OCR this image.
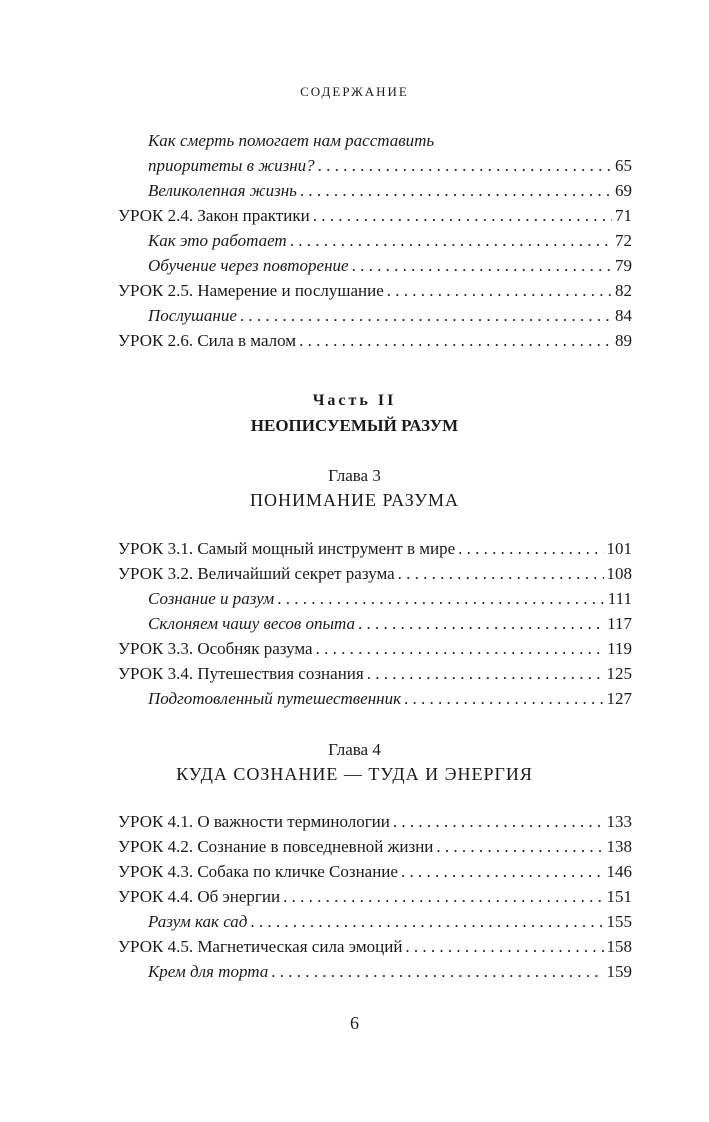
СОДЕРЖАНИЕ
Как смерть помогает нам расставить
приоритеты в жизни? . . .	65
Великолепная жизнь . . .	69
УРОК 2.4. Закон практики . . .	71
Как это работает . . .	72
Обучение через повторение . . .	79
УРОК 2.5. Намерение и послушание . . .	82
Послушание . . .	84
УРОК 2.6. Сила в малом . . .	89
Часть II
НЕОПИСУЕМЫЙ РАЗУМ
Глава 3
ПОНИМАНИЕ РАЗУМА
УРОК 3.1. Самый мощный инструмент в мире . . .	101
УРОК 3.2. Величайший секрет разума . . .	108
Сознание и разум . . .	111
Склоняем чашу весов опыта . . .	117
УРОК 3.3. Особняк разума . . .	119
УРОК 3.4. Путешествия сознания . . .	125
Подготовленный путешественник . . .	127
Глава 4
КУДА СОЗНАНИЕ — ТУДА И ЭНЕРГИЯ
УРОК 4.1. О важности терминологии . . .	133
УРОК 4.2. Сознание в повседневной жизни . . .	138
УРОК 4.3. Собака по кличке Сознание . . .	146
УРОК 4.4. Об энергии . . .	151
Разум как сад . . .	155
УРОК 4.5. Магнетическая сила эмоций . . .	158
Крем для торта . . .	159
6
